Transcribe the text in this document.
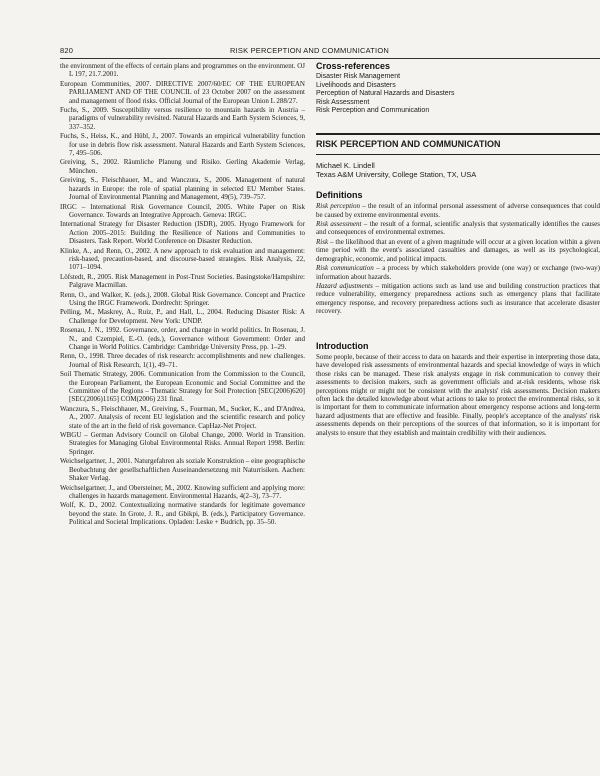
820	RISK PERCEPTION AND COMMUNICATION

the environment of the effects of certain plans and programmes on the environment. OJ L 197, 21.7.2001.

European Communities, 2007. DIRECTIVE 2007/60/EC OF THE EUROPEAN PARLIAMENT AND OF THE COUNCIL of 23 October 2007 on the assessment and management of flood risks. Official Journal of the European Union L 288/27.

Fuchs, S., 2009. Susceptibility versus resilience to mountain hazards in Austria – paradigms of vulnerability revisited. Natural Hazards and Earth System Sciences, 9, 337–352.

Fuchs, S., Heiss, K., and Hübl, J., 2007. Towards an empirical vulnerability function for use in debris flow risk assessment. Natural Hazards and Earth System Sciences, 7, 495–506.

Greiving, S., 2002. Räumliche Planung und Risiko. Gerling Akademie Verlag, München.

Greiving, S., Fleischhauer, M., and Wanczura, S., 2006. Management of natural hazards in Europe: the role of spatial planning in selected EU Member States. Journal of Environmental Planning and Management, 49(5), 739–757.

IRGC – International Risk Governance Council, 2005. White Paper on Risk Governance. Towards an Integrative Approach. Geneva: IRGC.

International Strategy for Disaster Reduction (ISDR), 2005. Hyogo Framework for Action 2005–2015: Building the Resilience of Nations and Communities to Disasters. Task Report. World Conference on Disaster Reduction.

Klinke, A., and Renn, O., 2002. A new approach to risk evaluation and management: risk-based, precaution-based, and discourse-based strategies. Risk Analysis, 22, 1071–1094.

Löfstedt, R., 2005. Risk Management in Post-Trust Societies. Basingstoke/Hampshire: Palgrave Macmillan.

Renn, O., and Walker, K. (eds.), 2008. Global Risk Governance. Concept and Practice Using the IRGC Framework. Dordrecht: Springer.

Pelling, M., Maskrey, A., Ruiz, P., and Hall, L., 2004. Reducing Disaster Risk: A Challenge for Development. New York: UNDP.

Rosenau, J. N., 1992. Governance, order, and change in world politics. In Rosenau, J. N., and Czempiel, E.-O. (eds.), Governance without Government: Order and Change in World Politics. Cambridge: Cambridge University Press, pp. 1–29.

Renn, O., 1998. Three decades of risk research: accomplishments and new challenges. Journal of Risk Research, 1(1), 49–71.

Soil Thematic Strategy, 2006. Communication from the Commission to the Council, the European Parliament, the European Economic and Social Committee and the Committee of the Regions – Thematic Strategy for Soil Protection [SEC(2006)620] [SEC(2006)1165] COM(2006) 231 final.

Wanczura, S., Fleischhauer, M., Greiving, S., Fourman, M., Sucker, K., and D'Andrea, A., 2007. Analysis of recent EU legislation and the scientific research and policy state of the art in the field of risk governance. CapHaz-Net Project.

WBGU – German Advisory Council on Global Change, 2000. World in Transition. Strategies for Managing Global Environmental Risks. Annual Report 1998. Berlin: Springer.

Weichselgartner, J., 2001. Naturgefahren als soziale Konstruktion – eine geographische Beobachtung der gesellschaftlichen Auseinandersetzung mit Naturrisiken. Aachen: Shaker Verlag.

Weichselgartner, J., and Obersteiner, M., 2002. Knowing sufficient and applying more: challenges in hazards management. Environmental Hazards, 4(2–3), 73–77.

Wolf, K. D., 2002. Contextualizing normative standards for legitimate governance beyond the state. In Grote, J. R., and Gbikpi, B. (eds.), Participatory Governance. Political and Societal Implications. Opladen: Leske + Budrich, pp. 35–50.

Cross-references

Disaster Risk Management

Livelihoods and Disasters

Perception of Natural Hazards and Disasters

Risk Assessment

Risk Perception and Communication

RISK PERCEPTION AND COMMUNICATION
Michael K. Lindell
Texas A&M University, College Station, TX, USA
Definitions

Risk perception – the result of an informal personal assessment of adverse consequences that could be caused by extreme environmental events.

Risk assessment – the result of a formal, scientific analysis that systematically identifies the causes and consequences of environmental extremes.

Risk – the likelihood that an event of a given magnitude will occur at a given location within a given time period with the event's associated casualties and damages, as well as its psychological, demographic, economic, and political impacts.

Risk communication – a process by which stakeholders provide (one way) or exchange (two-way) information about hazards.

Hazard adjustments – mitigation actions such as land use and building construction practices that reduce vulnerability, emergency preparedness actions such as emergency plans that facilitate emergency response, and recovery preparedness actions such as insurance that accelerate disaster recovery.

Introduction

Some people, because of their access to data on hazards and their expertise in interpreting those data, have developed risk assessments of environmental hazards and special knowledge of ways in which those risks can be managed. These risk analysts engage in risk communication to convey their assessments to decision makers, such as government officials and at-risk residents, whose risk perceptions might or might not be consistent with the analysts' risk assessments. Decision makers often lack the detailed knowledge about what actions to take to protect the environmental risks, so it is important for them to communicate information about emergency response actions and long-term hazard adjustments that are effective and feasible. Finally, people's acceptance of the analysts' risk assessments depends on their perceptions of the sources of that information, so it is important for analysts to ensure that they establish and maintain credibility with their audiences.
